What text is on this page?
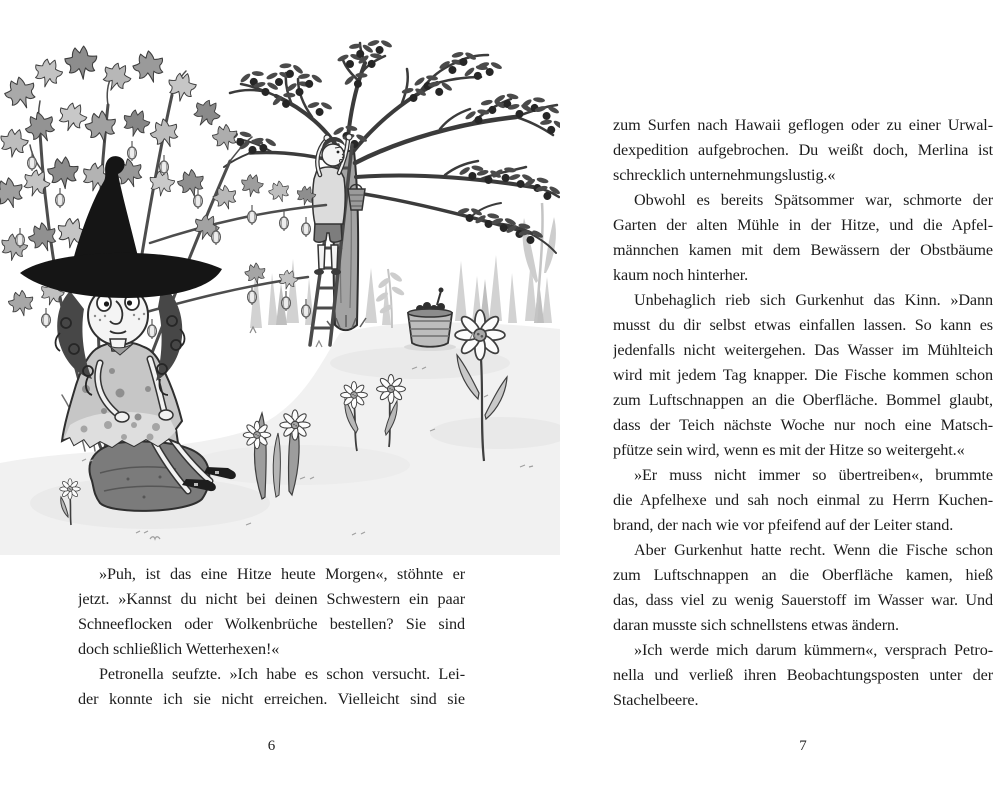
»Puh, ist das eine Hitze heute Morgen«, stöhnte er
jetzt. »Kannst du nicht bei deinen Schwestern ein paar
Schneeflocken oder Wolkenbrüche bestellen? Sie sind
doch schließlich Wetterhexen!«

Petronella seufzte. »Ich habe es schon versucht. Lei-
der konnte ich sie nicht erreichen. Vielleicht sind sie

6

zum Surfen nach Hawaii geflogen oder zu einer Urwal-
dexpedition aufgebrochen. Du weißt doch, Merlina ist
schrecklich unternehmungslustig.«

Obwohl es bereits Spätsommer war, schmorte der
Garten der alten Mühle in der Hitze, und die Apfel-
männchen kamen mit dem Bewässern der Obstbäume
kaum noch hinterher.

Unbehaglich rieb sich Gurkenhut das Kinn. »Dann
musst du dir selbst etwas einfallen lassen. So kann es
jedenfalls nicht weitergehen. Das Wasser im Mühlteich
wird mit jedem Tag knapper. Die Fische kommen schon
zum Luftschnappen an die Oberfläche. Bommel glaubt,
dass der Teich nächste Woche nur noch eine Matsch-
pfütze sein wird, wenn es mit der Hitze so weitergeht.«

»Er muss nicht immer so übertreiben«, brummte
die Apfelhexe und sah noch einmal zu Herrn Kuchen-
brand, der nach wie vor pfeifend auf der Leiter stand.

Aber Gurkenhut hatte recht. Wenn die Fische schon
zum Luftschnappen an die Oberfläche kamen, hieß
das, dass viel zu wenig Sauerstoff im Wasser war. Und
daran musste sich schnellstens etwas ändern.

»Ich werde mich darum kümmern«, versprach Petro-
nella und verließ ihren Beobachtungsposten unter der
Stachelbeere.

7
